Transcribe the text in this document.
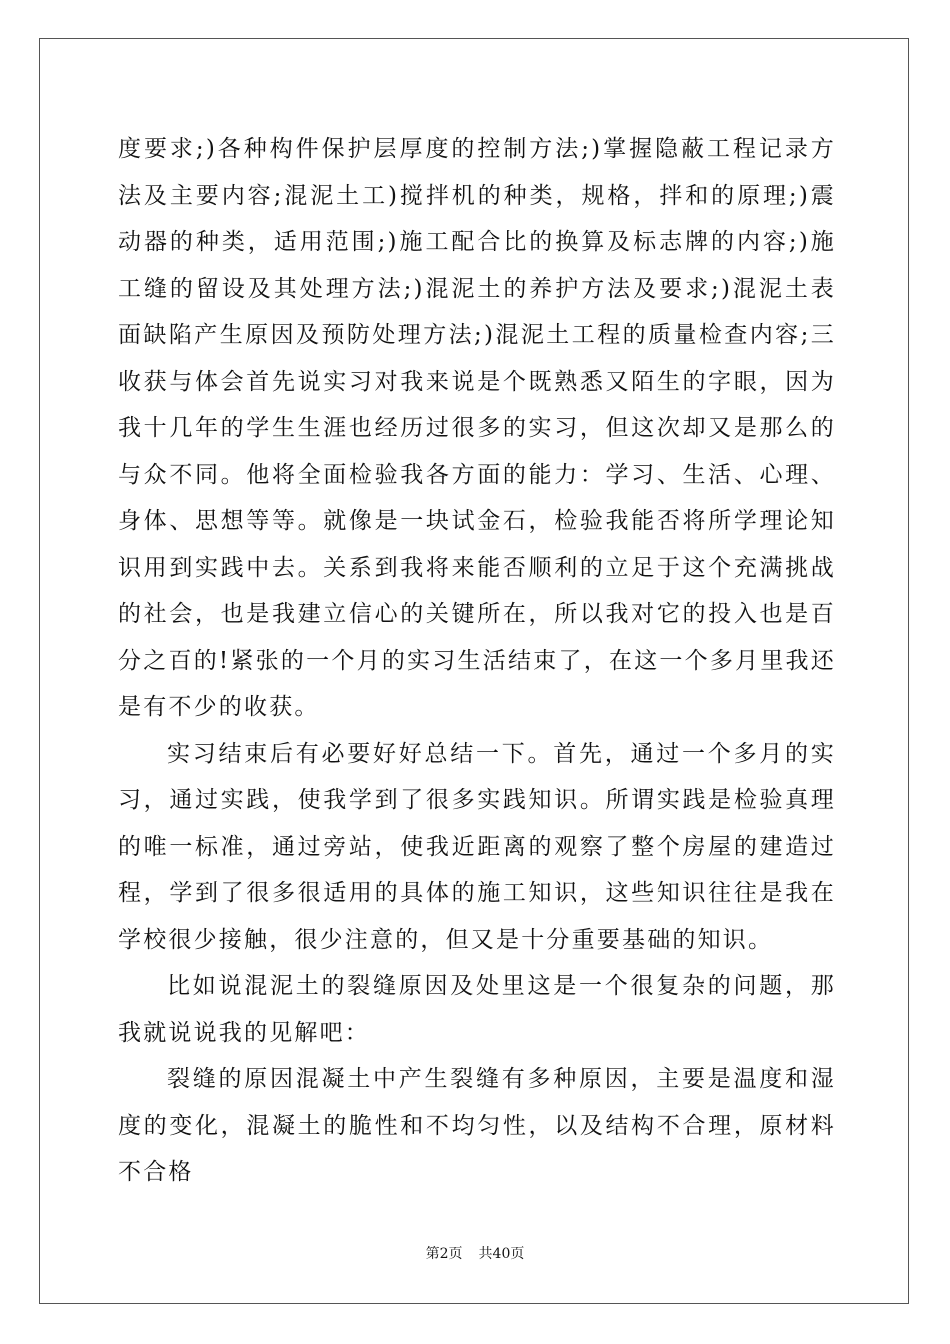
度要求;)各种构件保护层厚度的控制方法;)掌握隐蔽工程记录方法及主要内容;混泥土工)搅拌机的种类，规格，拌和的原理;)震动器的种类，适用范围;)施工配合比的换算及标志牌的内容;)施工缝的留设及其处理方法;)混泥土的养护方法及要求;)混泥土表面缺陷产生原因及预防处理方法;)混泥土工程的质量检查内容;三收获与体会首先说实习对我来说是个既熟悉又陌生的字眼，因为我十几年的学生生涯也经历过很多的实习，但这次却又是那么的与众不同。他将全面检验我各方面的能力：学习、生活、心理、身体、思想等等。就像是一块试金石，检验我能否将所学理论知识用到实践中去。关系到我将来能否顺利的立足于这个充满挑战的社会，也是我建立信心的关键所在，所以我对它的投入也是百分之百的!紧张的一个月的实习生活结束了，在这一个多月里我还是有不少的收获。

实习结束后有必要好好总结一下。首先，通过一个多月的实习，通过实践，使我学到了很多实践知识。所谓实践是检验真理的唯一标准，通过旁站，使我近距离的观察了整个房屋的建造过程，学到了很多很适用的具体的施工知识，这些知识往往是我在学校很少接触，很少注意的，但又是十分重要基础的知识。

比如说混泥土的裂缝原因及处里这是一个很复杂的问题，那我就说说我的见解吧：

裂缝的原因混凝土中产生裂缝有多种原因，主要是温度和湿度的变化，混凝土的脆性和不均匀性，以及结构不合理，原材料不合格

第2页 共40页
